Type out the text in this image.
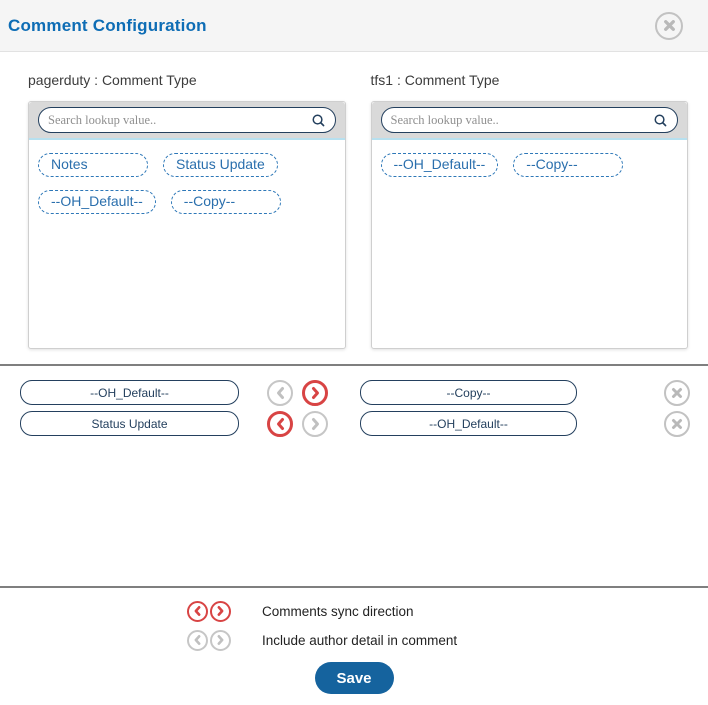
Comment Configuration
pagerduty : Comment Type
Search lookup value..
Notes	Status Update
--OH_Default--	--Copy--
tfs1 : Comment Type
Search lookup value..
--OH_Default--	--Copy--
--OH_Default--	--Copy--
Status Update	--OH_Default--
Comments sync direction
Include author detail in comment
Save
